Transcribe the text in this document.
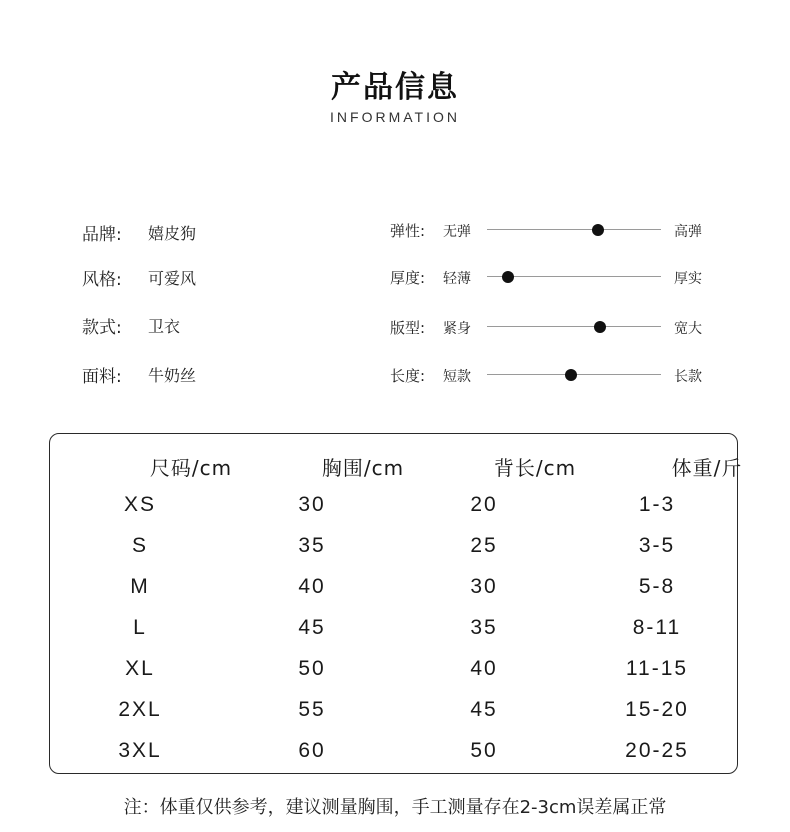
产品信息
INFORMATION
品牌:	嬉皮狗
风格:	可爱风
款式:	卫衣
面料:	牛奶丝
弹性: 无弹	高弹
厚度: 轻薄	厚实
版型: 紧身	宽大
长度: 短款	长款
尺码/cm	胸围/cm	背长/cm	体重/斤
XS	30	20	1-3
S	35	25	3-5
M	40	30	5-8
L	45	35	8-11
XL	50	40	11-15
2XL	55	45	15-20
3XL	60	50	20-25
注：体重仅供参考，建议测量胸围，手工测量存在2-3cm误差属正常
